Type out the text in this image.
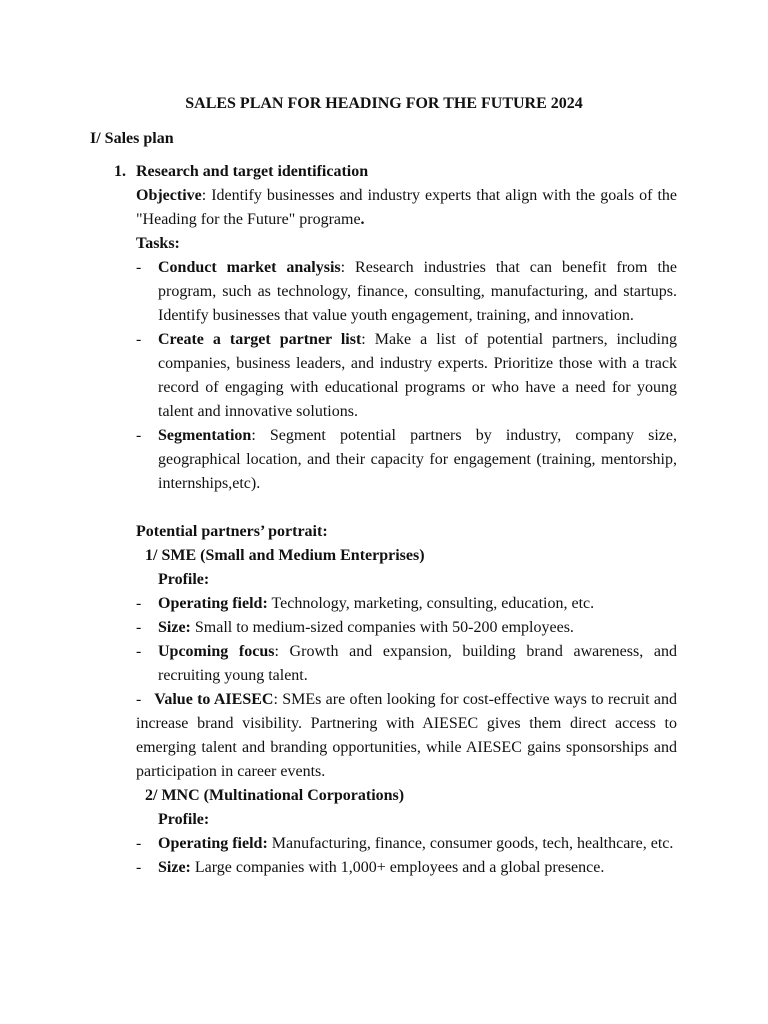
SALES PLAN FOR HEADING FOR THE FUTURE 2024
I/ Sales plan
1. Research and target identification
Objective: Identify businesses and industry experts that align with the goals of the "Heading for the Future" programe.
Tasks:
- Conduct market analysis: Research industries that can benefit from the program, such as technology, finance, consulting, manufacturing, and startups. Identify businesses that value youth engagement, training, and innovation.
- Create a target partner list: Make a list of potential partners, including companies, business leaders, and industry experts. Prioritize those with a track record of engaging with educational programs or who have a need for young talent and innovative solutions.
- Segmentation: Segment potential partners by industry, company size, geographical location, and their capacity for engagement (training, mentorship, internships,etc).
Potential partners’ portrait:
1/ SME (Small and Medium Enterprises)
Profile:
- Operating field: Technology, marketing, consulting, education, etc.
- Size: Small to medium-sized companies with 50-200 employees.
- Upcoming focus: Growth and expansion, building brand awareness, and recruiting young talent.
-   Value to AIESEC: SMEs are often looking for cost-effective ways to recruit and increase brand visibility. Partnering with AIESEC gives them direct access to emerging talent and branding opportunities, while AIESEC gains sponsorships and participation in career events.
2/ MNC (Multinational Corporations)
Profile:
- Operating field: Manufacturing, finance, consumer goods, tech, healthcare, etc.
- Size: Large companies with 1,000+ employees and a global presence.
